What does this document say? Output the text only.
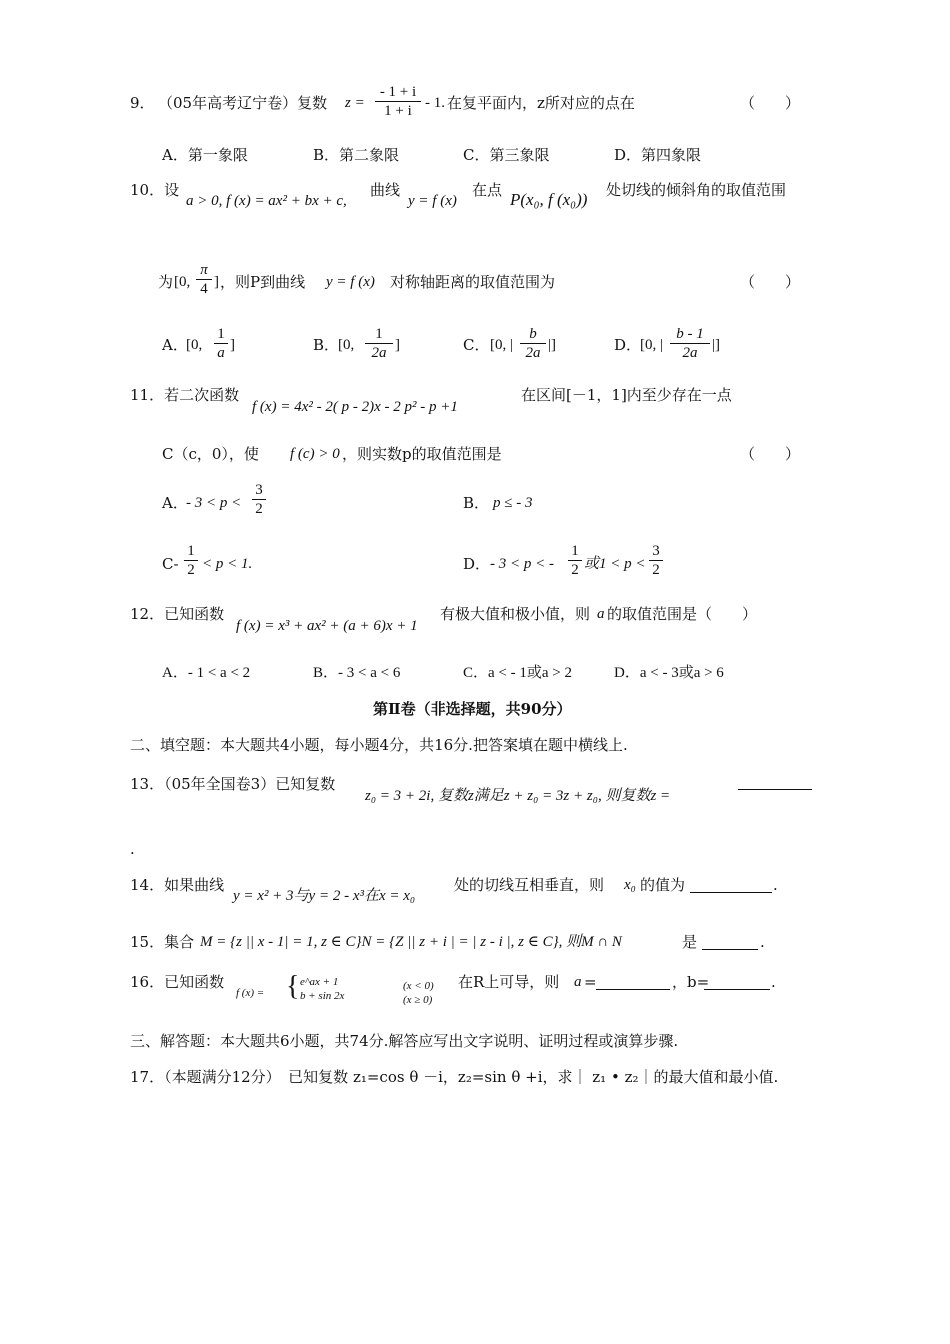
9． （05年高考辽宁卷）复数 z =
- 1 + i
1 + i - 1. 在复平面内，z所对应的点在	（　　）
A．第一象限	B．第二象限	C．第三象限	D．第四象限
10．设
a > 0, f (x) = ax² + bx + c,
曲线
y = f (x)
在点 P(x₀, f (x₀)) 处切线的倾斜角的取值范围
为 [0,
π
4 ] ，则P到曲线 y = f (x) 对称轴距离的取值范围为	（　　）
A．
[0,
1
a ]	B．
[0,
1
2a ]	C． [0, |
b
2a |]	D．
[0, |
b - 1
2a |]
11．若二次函数
f (x) = 4x² - 2( p - 2)x - 2 p² - p +1
在区间[－1，1]内至少存在一点
C（c，0），使 f (c) > 0 ，则实数p的取值范围是	（　　）
A．
- 3 < p <
3
2	B． p ≤ - 3
C-
1
2 < p < 1.	D． - 3 < p < -
1
2 或1 < p <
3
2
12．已知函数
f (x) = x³ + ax² + (a + 6)x + 1
有极大值和极小值，则 a 的取值范围是（　　）
A．- 1 < a < 2	B．- 3 < a < 6	C．a < - 1或a > 2	D．a < - 3或a > 6
第Ⅱ卷（非选择题，共90分）
二、填空题：本大题共4小题，每小题4分，共16分.把答案填在题中横线上.
13．（05年全国卷3）已知复数
z₀ = 3 + 2i, 复数z满足z + z₀ = 3z + z₀, 则复数z =
.
14．如果曲线
y = x² + 3与y = 2 - x³在x = x₀
处的切线互相垂直，则 x₀ 的值为	.
15．集合 M = {z || x - 1| = 1, z ∈ C}N = {Z || z + i | = | z - i |, z ∈ C}, 则M ∩ N	是	.
16．已知函数
f (x) = { e^ax + 1	(x < 0)
b + sin 2x	(x ≥ 0)
在R上可导，则 a =	，b=	.
三、解答题：本大题共6小题，共74分.解答应写出文字说明、证明过程或演算步骤.
17．（本题满分12分）　已知复数 z₁=cos θ －i，z₂=sin θ +i，求｜ z₁ • z₂｜的最大值和最小值.
